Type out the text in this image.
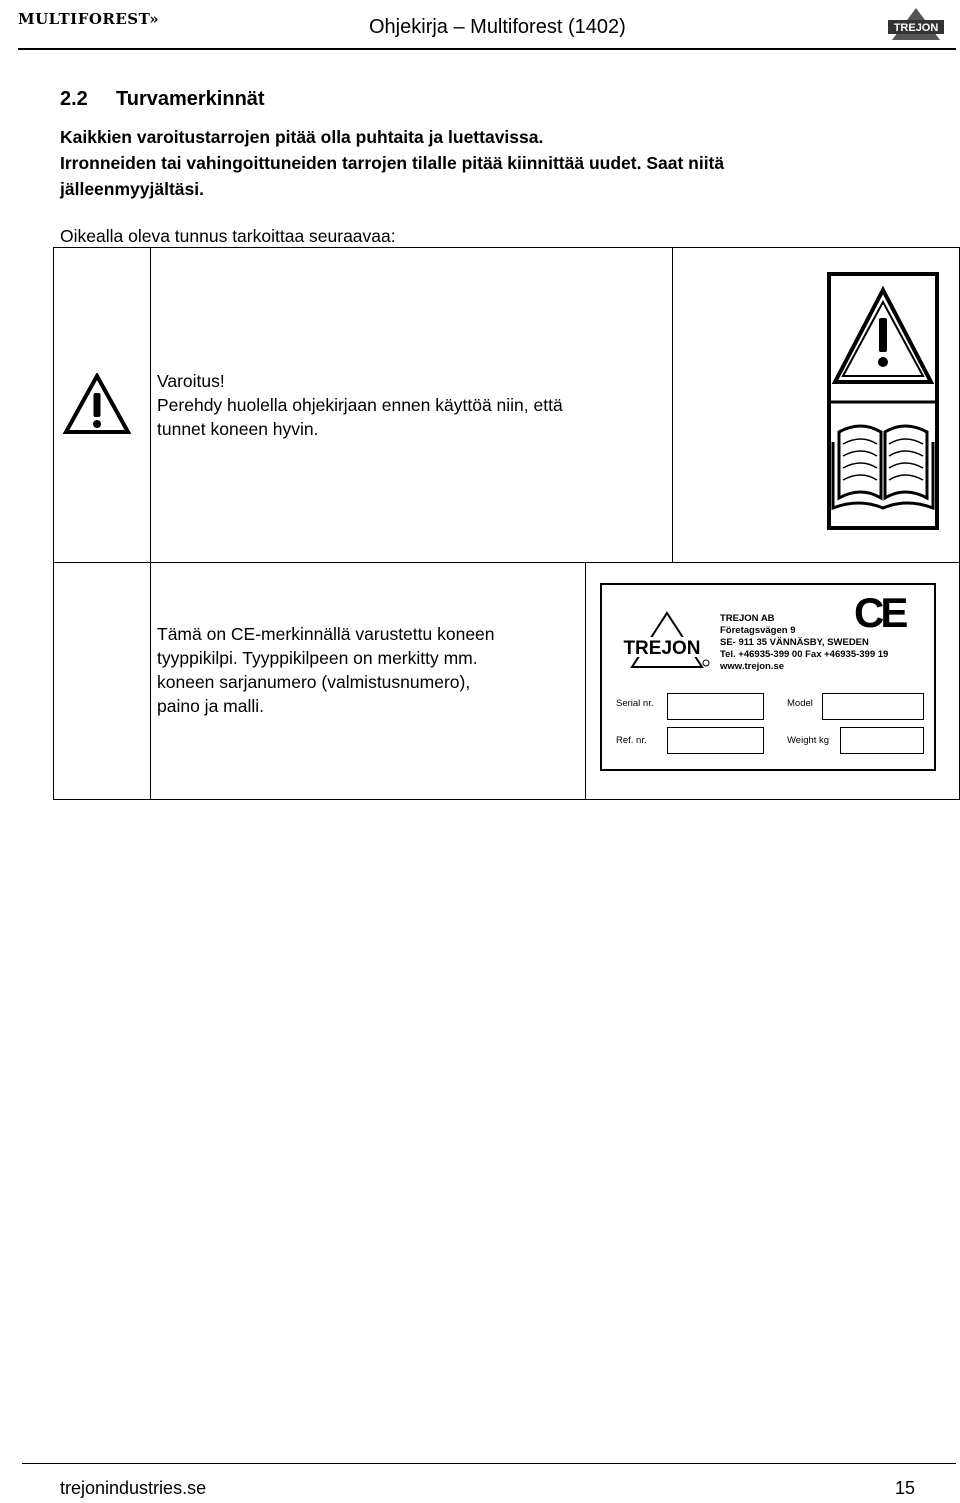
MULTIFOREST»	Ohjekirja – Multiforest (1402)	TREJON
2.2 Turvamerkinnät
Kaikkien varoitustarrojen pitää olla puhtaita ja luettavissa.
Irronneiden tai vahingoittuneiden tarrojen tilalle pitää kiinnittää uudet. Saat niitä
jälleenmyyjältäsi.
Oikealla oleva tunnus tarkoittaa seuraavaa:
Varoitus!
Perehdy huolella ohjekirjaan ennen käyttöä niin, että
tunnet koneen hyvin.
Tämä on CE-merkinnällä varustettu koneen
tyyppikilpi. Tyyppikilpeen on merkitty mm.
koneen sarjanumero (valmistusnumero),
paino ja malli.
TREJON
TREJON AB
Företagsvägen 9
SE- 911 35 VÄNNÄSBY, SWEDEN
Tel. +46935-399 00 Fax +46935-399 19
www.trejon.se
CE
Serial nr.	Model
Ref. nr.	Weight kg
trejonindustries.se	15
